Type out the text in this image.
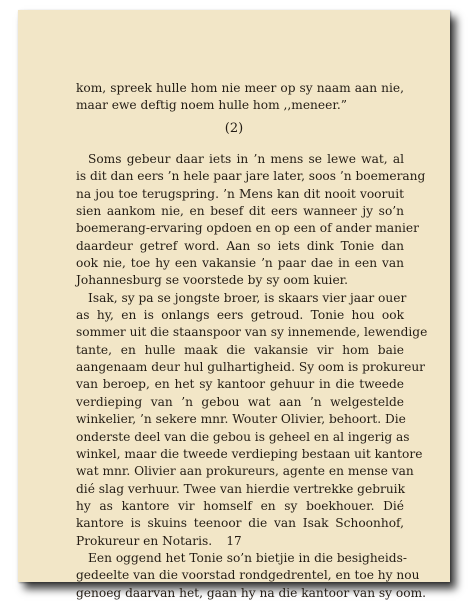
kom, spreek hulle hom nie meer op sy naam aan nie,
maar ewe deftig noem hulle hom ,,meneer.”
(2)
Soms gebeur daar iets in ’n mens se lewe wat, al
is dit dan eers ’n hele paar jare later, soos ’n boemerang
na jou toe terugspring. ’n Mens kan dit nooit vooruit
sien aankom nie, en besef dit eers wanneer jy so’n
boemerang-ervaring opdoen en op een of ander manier
daardeur getref word. Aan so iets dink Tonie dan
ook nie, toe hy een vakansie ’n paar dae in een van
Johannesburg se voorstede by sy oom kuier.
Isak, sy pa se jongste broer, is skaars vier jaar ouer
as hy, en is onlangs eers getroud. Tonie hou ook
sommer uit die staanspoor van sy innemende, lewendige
tante, en hulle maak die vakansie vir hom baie
aangenaam deur hul gulhartigheid. Sy oom is prokureur
van beroep, en het sy kantoor gehuur in die tweede
verdieping van ’n gebou wat aan ’n welgestelde
winkelier, ’n sekere mnr. Wouter Olivier, behoort. Die
onderste deel van die gebou is geheel en al ingerig as
winkel, maar die tweede verdieping bestaan uit kantore
wat mnr. Olivier aan prokureurs, agente en mense van
dié slag verhuur. Twee van hierdie vertrekke gebruik
hy as kantore vir homself en sy boekhouer. Dié
kantore is skuins teenoor die van Isak Schoonhof,
Prokureur en Notaris.
Een oggend het Tonie so’n bietjie in die besigheids-
gedeelte van die voorstad rondgedrentel, en toe hy nou
genoeg daarvan het, gaan hy na die kantoor van sy oom.
17
